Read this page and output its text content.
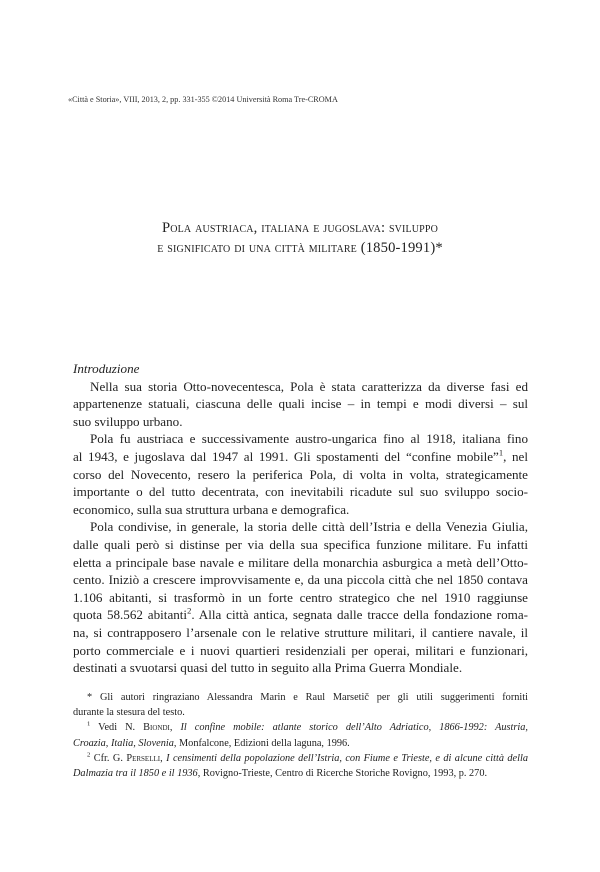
«Città e Storia», VIII, 2013, 2, pp. 331-355 ©2014 Università Roma Tre-CROMA
Pola austriaca, italiana e jugoslava: sviluppo
e significato di una città militare (1850-1991)*
Introduzione
Nella sua storia Otto-novecentesca, Pola è stata caratterizza da diverse fasi ed
appartenenze statuali, ciascuna delle quali incise – in tempi e modi diversi – sul
suo sviluppo urbano.
Pola fu austriaca e successivamente austro-ungarica fino al 1918, italiana fino
al 1943, e jugoslava dal 1947 al 1991. Gli spostamenti del “confine mobile”$^1$, nel
corso del Novecento, resero la periferica Pola, di volta in volta, strategicamente
importante o del tutto decentrata, con inevitabili ricadute sul suo sviluppo socio-
economico, sulla sua struttura urbana e demografica.
Pola condivise, in generale, la storia delle città dell’Istria e della Venezia Giulia,
dalle quali però si distinse per via della sua specifica funzione militare. Fu infatti
eletta a principale base navale e militare della monarchia asburgica a metà dell’Otto-
cento. Iniziò a crescere improvvisamente e, da una piccola città che nel 1850 contava
1.106 abitanti, si trasformò in un forte centro strategico che nel 1910 raggiunse
quota 58.562 abitanti$^2$. Alla città antica, segnata dalle tracce della fondazione roma-
na, si contrapposero l’arsenale con le relative strutture militari, il cantiere navale, il
porto commerciale e i nuovi quartieri residenziali per operai, militari e funzionari,
destinati a svuotarsi quasi del tutto in seguito alla Prima Guerra Mondiale.
* Gli autori ringraziano Alessandra Marin e Raul Marsetič per gli utili suggerimenti forniti
durante la stesura del testo.
$^1$ Vedi N. Biondi, Il confine mobile: atlante storico dell’Alto Adriatico, 1866-1992: Austria,
Croazia, Italia, Slovenia, Monfalcone, Edizioni della laguna, 1996.
$^2$ Cfr. G. Perselli, I censimenti della popolazione dell’Istria, con Fiume e Trieste, e di alcune città della
Dalmazia tra il 1850 e il 1936, Rovigno-Trieste, Centro di Ricerche Storiche Rovigno, 1993, p. 270.
